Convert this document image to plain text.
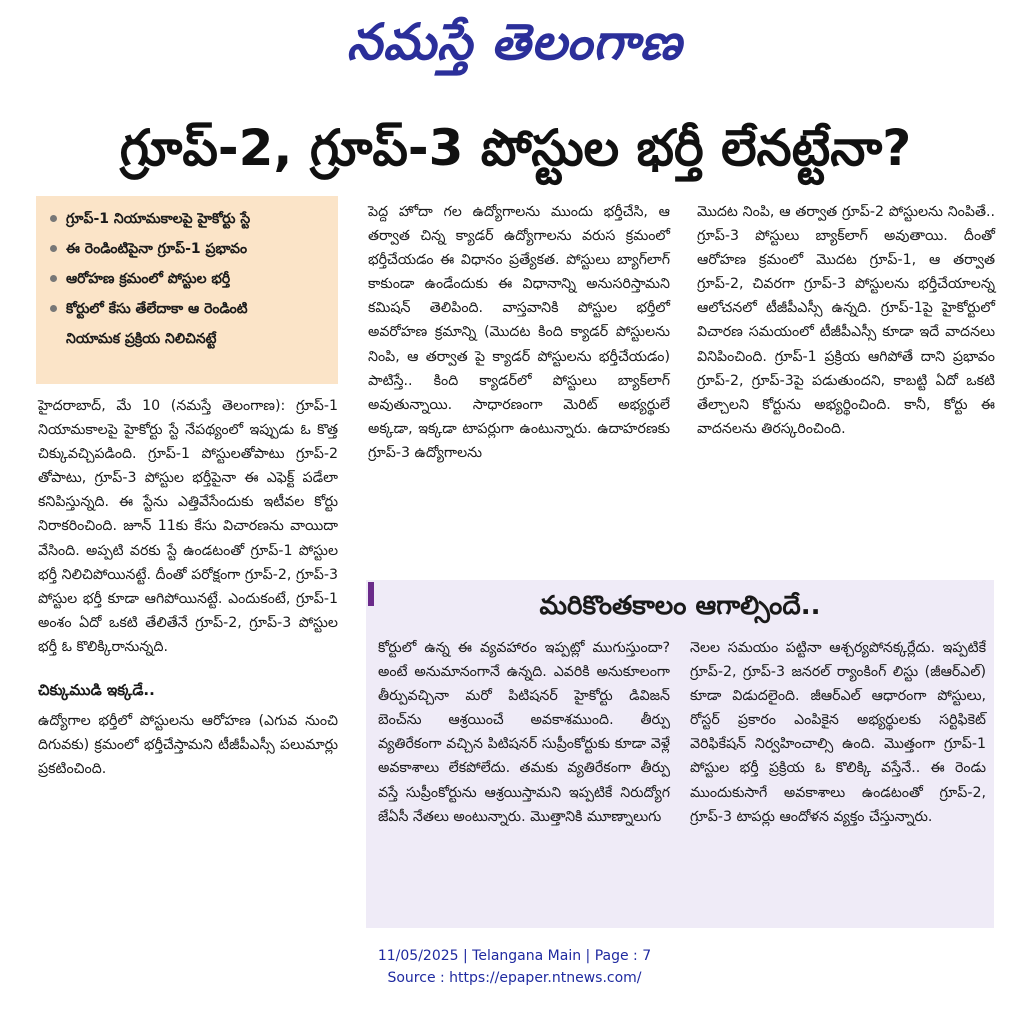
నమస్తే తెలంగాణ
గ్రూప్-2, గ్రూప్-3 పోస్టుల భర్తీ లేనట్టేనా?
గ్రూప్-1 నియామకాలపై హైకోర్టు స్టే
ఈ రెండింటిపైనా గ్రూప్-1 ప్రభావం
ఆరోహణ క్రమంలో పోస్టుల భర్తీ
కోర్టులో కేసు తేలేదాకా ఆ రెండింటి
నియామక ప్రక్రియ నిలిచినట్టే

హైదరాబాద్, మే 10 (నమస్తే తెలంగాణ): గ్రూప్-1 నియామకాలపై హైకోర్టు స్టే నేపథ్యంలో ఇప్పుడు ఓ కొత్త చిక్కువచ్చిపడింది. గ్రూప్-1 పోస్టులతోపాటు గ్రూప్-2 తోపాటు, గ్రూప్-3 పోస్టుల భర్తీపైనా ఈ ఎఫెక్ట్ పడేలా కనిపిస్తున్నది. ఈ స్టేను ఎత్తివేసేందుకు ఇటీవల కోర్టు నిరాకరించింది. జూన్ 11కు కేసు విచారణను వాయిదా వేసింది. అప్పటి వరకు స్టే ఉండటంతో గ్రూప్-1 పోస్టుల భర్తీ నిలిచిపోయినట్టే. దీంతో పరోక్షంగా గ్రూప్-2, గ్రూప్-3 పోస్టుల భర్తీ కూడా ఆగిపోయినట్టే. ఎందుకంటే, గ్రూప్-1 అంశం ఏదో ఒకటి తేలితేనే గ్రూప్-2, గ్రూప్-3 పోస్టుల భర్తీ ఓ కొలిక్కిరానున్నది.

చిక్కుముడి ఇక్కడే..

ఉద్యోగాల భర్తీలో పోస్టులను ఆరోహణ (ఎగువ నుంచి దిగువకు) క్రమంలో భర్తీచేస్తామని టీజీపీఎస్సీ పలుమార్లు ప్రకటించింది.

పెద్ద హోదా గల ఉద్యోగాలను ముందు భర్తీచేసి, ఆ తర్వాత చిన్న క్యాడర్ ఉద్యోగాలను వరుస క్రమంలో భర్తీచేయడం ఈ విధానం ప్రత్యేకత. పోస్టులు బ్యాగ్‌లాగ్ కాకుండా ఉండేందుకు ఈ విధానాన్ని అనుసరిస్తామని కమిషన్ తెలిపింది. వాస్తవానికి పోస్టుల భర్తీలో అవరోహణ క్రమాన్ని (మొదట కింది క్యాడర్ పోస్టులను నింపి, ఆ తర్వాత పై క్యాడర్ పోస్టులను భర్తీచేయడం) పాటిస్తే.. కింది క్యాడర్‌లో పోస్టులు బ్యాక్‌లాగ్ అవుతున్నాయి. సాధారణంగా మెరిట్ అభ్యర్థులే అక్కడా, ఇక్కడా టాపర్లుగా ఉంటున్నారు. ఉదాహరణకు గ్రూప్-3 ఉద్యోగాలను

మొదట నింపి, ఆ తర్వాత గ్రూప్-2 పోస్టులను నింపితే.. గ్రూప్-3 పోస్టులు బ్యాక్‌లాగ్ అవుతాయి. దీంతో ఆరోహణ క్రమంలో మొదట గ్రూప్-1, ఆ తర్వాత గ్రూప్-2, చివరగా గ్రూప్-3 పోస్టులను భర్తీచేయాలన్న ఆలోచనలో టీజీపీఎస్సీ ఉన్నది. గ్రూప్-1పై హైకోర్టులో విచారణ సమయంలో టీజీపీఎస్సీ కూడా ఇదే వాదనలు వినిపించింది. గ్రూప్-1 ప్రక్రియ ఆగిపోతే దాని ప్రభావం గ్రూప్-2, గ్రూప్-3పై పడుతుందని, కాబట్టి ఏదో ఒకటి తేల్చాలని కోర్టును అభ్యర్థించింది. కానీ, కోర్టు ఈ వాదనలను తిరస్కరించింది.

మరికొంతకాలం ఆగాల్సిందే..

కోర్టులో ఉన్న ఈ వ్యవహారం ఇప్పట్లో ముగుస్తుందా? అంటే అనుమానంగానే ఉన్నది. ఎవరికి అనుకూలంగా తీర్పువచ్చినా మరో పిటిషనర్ హైకోర్టు డివిజన్ బెంచ్‌ను ఆశ్రయించే అవకాశముంది. తీర్పు వ్యతిరేకంగా వచ్చిన పిటిషనర్ సుప్రీంకోర్టుకు కూడా వెళ్లే అవకాశాలు లేకపోలేదు. తమకు వ్యతిరేకంగా తీర్పు వస్తే సుప్రీంకోర్టును ఆశ్రయిస్తామని ఇప్పటికే నిరుద్యోగ జేఏసీ నేతలు అంటున్నారు. మొత్తానికి మూణ్నాలుగు

నెలల సమయం పట్టినా ఆశ్చర్యపోనక్కర్లేదు. ఇప్పటికే గ్రూప్-2, గ్రూప్-3 జనరల్ ర్యాంకింగ్ లిస్టు (జీఆర్ఎల్) కూడా విడుదలైంది. జీఆర్ఎల్ ఆధారంగా పోస్టులు, రోస్టర్ ప్రకారం ఎంపికైన అభ్యర్థులకు సర్టిఫికెట్ వెరిఫికేషన్ నిర్వహించాల్సి ఉంది. మొత్తంగా గ్రూప్-1 పోస్టుల భర్తీ ప్రక్రియ ఓ కొలిక్కి వస్తేనే.. ఈ రెండు ముందుకుసాగే అవకాశాలు ఉండటంతో గ్రూప్-2, గ్రూప్-3 టాపర్లు ఆందోళన వ్యక్తం చేస్తున్నారు.

11/05/2025 | Telangana Main | Page : 7
Source : https://epaper.ntnews.com/
